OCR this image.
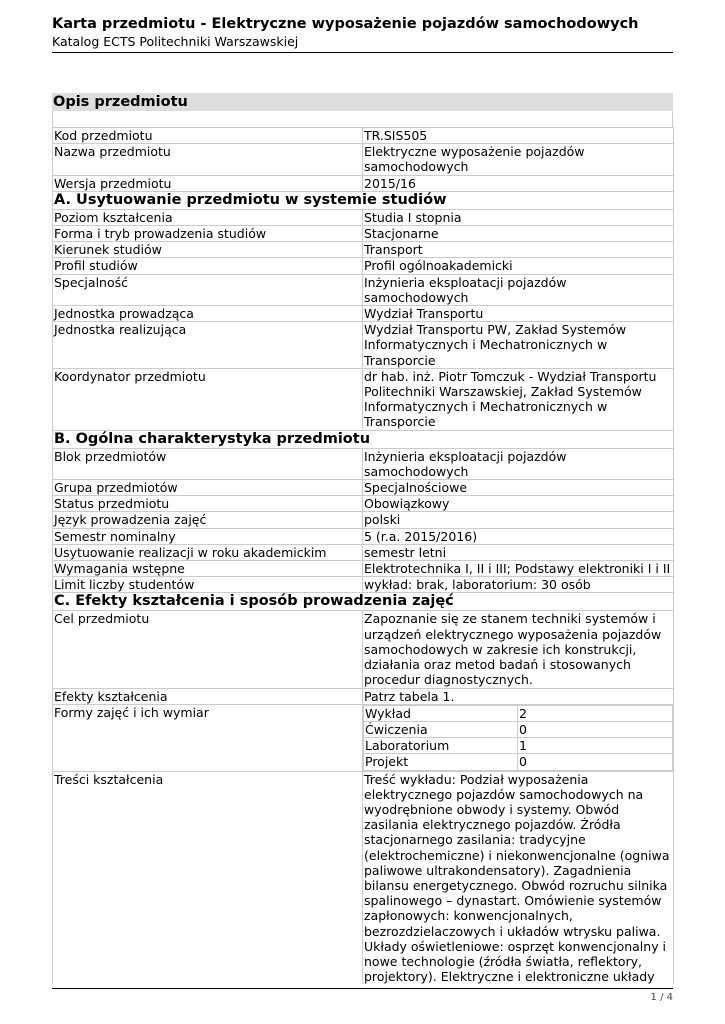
Karta przedmiotu - Elektryczne wyposażenie pojazdów samochodowych
Katalog ECTS Politechniki Warszawskiej
Opis przedmiotu
Kod przedmiotu	TR.SIS505
Nazwa przedmiotu	Elektryczne wyposażenie pojazdów samochodowych
Wersja przedmiotu	2015/16
A. Usytuowanie przedmiotu w systemie studiów
Poziom kształcenia	Studia I stopnia
Forma i tryb prowadzenia studiów	Stacjonarne
Kierunek studiów	Transport
Profil studiów	Profil ogólnoakademicki
Specjalność	Inżynieria eksploatacji pojazdów samochodowych
Jednostka prowadząca	Wydział Transportu
Jednostka realizująca	Wydział Transportu PW, Zakład Systemów Informatycznych i Mechatronicznych w Transporcie
Koordynator przedmiotu	dr hab. inż. Piotr Tomczuk - Wydział Transportu Politechniki Warszawskiej, Zakład Systemów Informatycznych i Mechatronicznych w Transporcie
B. Ogólna charakterystyka przedmiotu
Blok przedmiotów	Inżynieria eksploatacji pojazdów samochodowych
Grupa przedmiotów	Specjalnościowe
Status przedmiotu	Obowiązkowy
Język prowadzenia zajęć	polski
Semestr nominalny	5 (r.a. 2015/2016)
Usytuowanie realizacji w roku akademickim	semestr letni
Wymagania wstępne	Elektrotechnika I, II i III; Podstawy elektroniki I i II
Limit liczby studentów	wykład: brak, laboratorium: 30 osób
C. Efekty kształcenia i sposób prowadzenia zajęć
Cel przedmiotu	Zapoznanie się ze stanem techniki systemów i urządzeń elektrycznego wyposażenia pojazdów samochodowych w zakresie ich konstrukcji, działania oraz metod badań i stosowanych procedur diagnostycznych.
Efekty kształcenia	Patrz tabela 1.
Formy zajęć i ich wymiar		Wykład	2
Ćwiczenia	0
Laboratorium	1
Projekt	0

Treści kształcenia	Treść wykładu: Podział wyposażenia elektrycznego pojazdów samochodowych na wyodrębnione obwody i systemy. Obwód zasilania elektrycznego pojazdów. Źródła stacjonarnego zasilania: tradycyjne (elektrochemiczne) i niekonwencjonalne (ogniwa paliwowe ultrakondensatory). Zagadnienia bilansu energetycznego. Obwód rozruchu silnika spalinowego – dynastart. Omówienie systemów zapłonowych: konwencjonalnych, bezrozdzielaczowych i układów wtrysku paliwa. Układy oświetleniowe: osprzęt konwencjonalny i nowe technologie (źródła światła, reflektory, projektory). Elektryczne i elektroniczne układy
1 / 4
